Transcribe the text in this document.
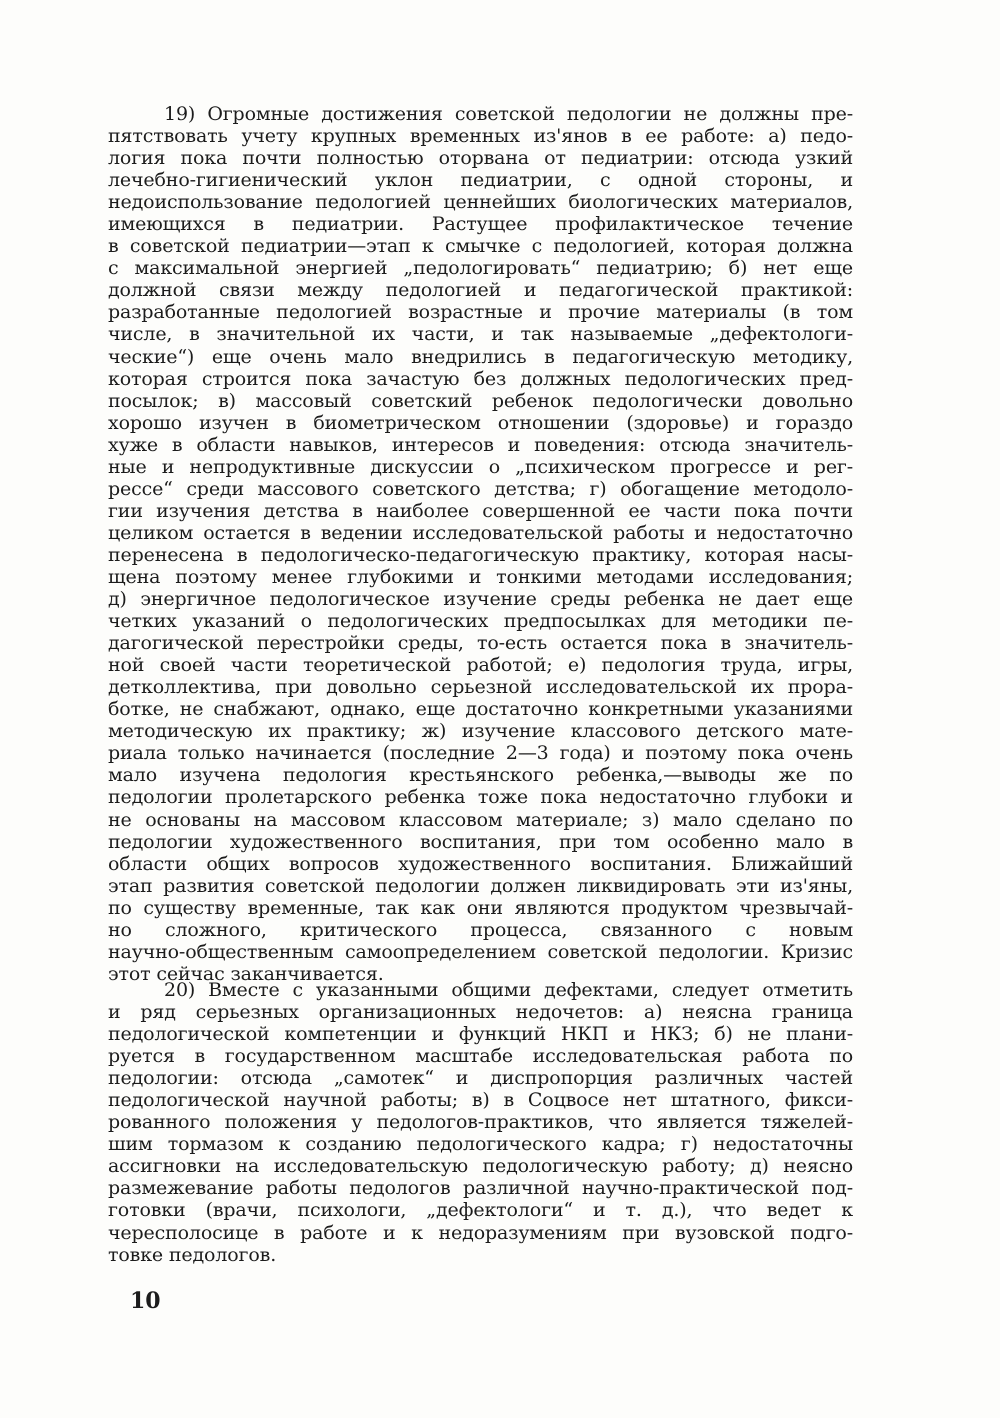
19) Огромные достижения советской педологии не должны пре-
пятствовать учету крупных временных из'янов в ее работе: а) педо-
логия пока почти полностью оторвана от педиатрии: отсюда узкий
лечебно-гигиенический уклон педиатрии, с одной стороны, и
недоиспользование педологией ценнейших биологических материалов,
имеющихся в педиатрии. Растущее профилактическое течение
в советской педиатрии—этап к смычке с педологией, которая должна
с максимальной энергией „педологировать“ педиатрию; б) нет еще
должной связи между педологией и педагогической практикой:
разработанные педологией возрастные и прочие материалы (в том
числе, в значительной их части, и так называемые „дефектологи-
ческие“) еще очень мало внедрились в педагогическую методику,
которая строится пока зачастую без должных педологических пред-
посылок; в) массовый советский ребенок педологически довольно
хорошо изучен в биометрическом отношении (здоровье) и гораздо
хуже в области навыков, интересов и поведения: отсюда значитель-
ные и непродуктивные дискуссии о „психическом прогрессе и рег-
рессе“ среди массового советского детства; г) обогащение методоло-
гии изучения детства в наиболее совершенной ее части пока почти
целиком остается в ведении исследовательской работы и недостаточно
перенесена в педологическо-педагогическую практику, которая насы-
щена поэтому менее глубокими и тонкими методами исследования;
д) энергичное педологическое изучение среды ребенка не дает еще
четких указаний о педологических предпосылках для методики пе-
дагогической перестройки среды, то-есть остается пока в значитель-
ной своей части теоретической работой; е) педология труда, игры,
детколлектива, при довольно серьезной исследовательской их прора-
ботке, не снабжают, однако, еще достаточно конкретными указаниями
методическую их практику; ж) изучение классового детского мате-
риала только начинается (последние 2—3 года) и поэтому пока очень
мало изучена педология крестьянского ребенка,—выводы же по
педологии пролетарского ребенка тоже пока недостаточно глубоки и
не основаны на массовом классовом материале; з) мало сделано по
педологии художественного воспитания, при том особенно мало в
области общих вопросов художественного воспитания. Ближайший
этап развития советской педологии должен ликвидировать эти из'яны,
по существу временные, так как они являются продуктом чрезвычай-
но сложного, критического процесса, связанного с новым
научно-общественным самоопределением советской педологии. Кризис
этот сейчас заканчивается.
20) Вместе с указанными общими дефектами, следует отметить
и ряд серьезных организационных недочетов: а) неясна граница
педологической компетенции и функций НКП и НКЗ; б) не плани-
руется в государственном масштабе исследовательская работа по
педологии: отсюда „самотек“ и диспропорция различных частей
педологической научной работы; в) в Соцвосе нет штатного, фикси-
рованного положения у педологов-практиков, что является тяжелей-
шим тормазом к созданию педологического кадра; г) недостаточны
ассигновки на исследовательскую педологическую работу; д) неясно
размежевание работы педологов различной научно-практической под-
готовки (врачи, психологи, „дефектологи“ и т. д.), что ведет к
чересполосице в работе и к недоразумениям при вузовской подго-
товке педологов.
10
